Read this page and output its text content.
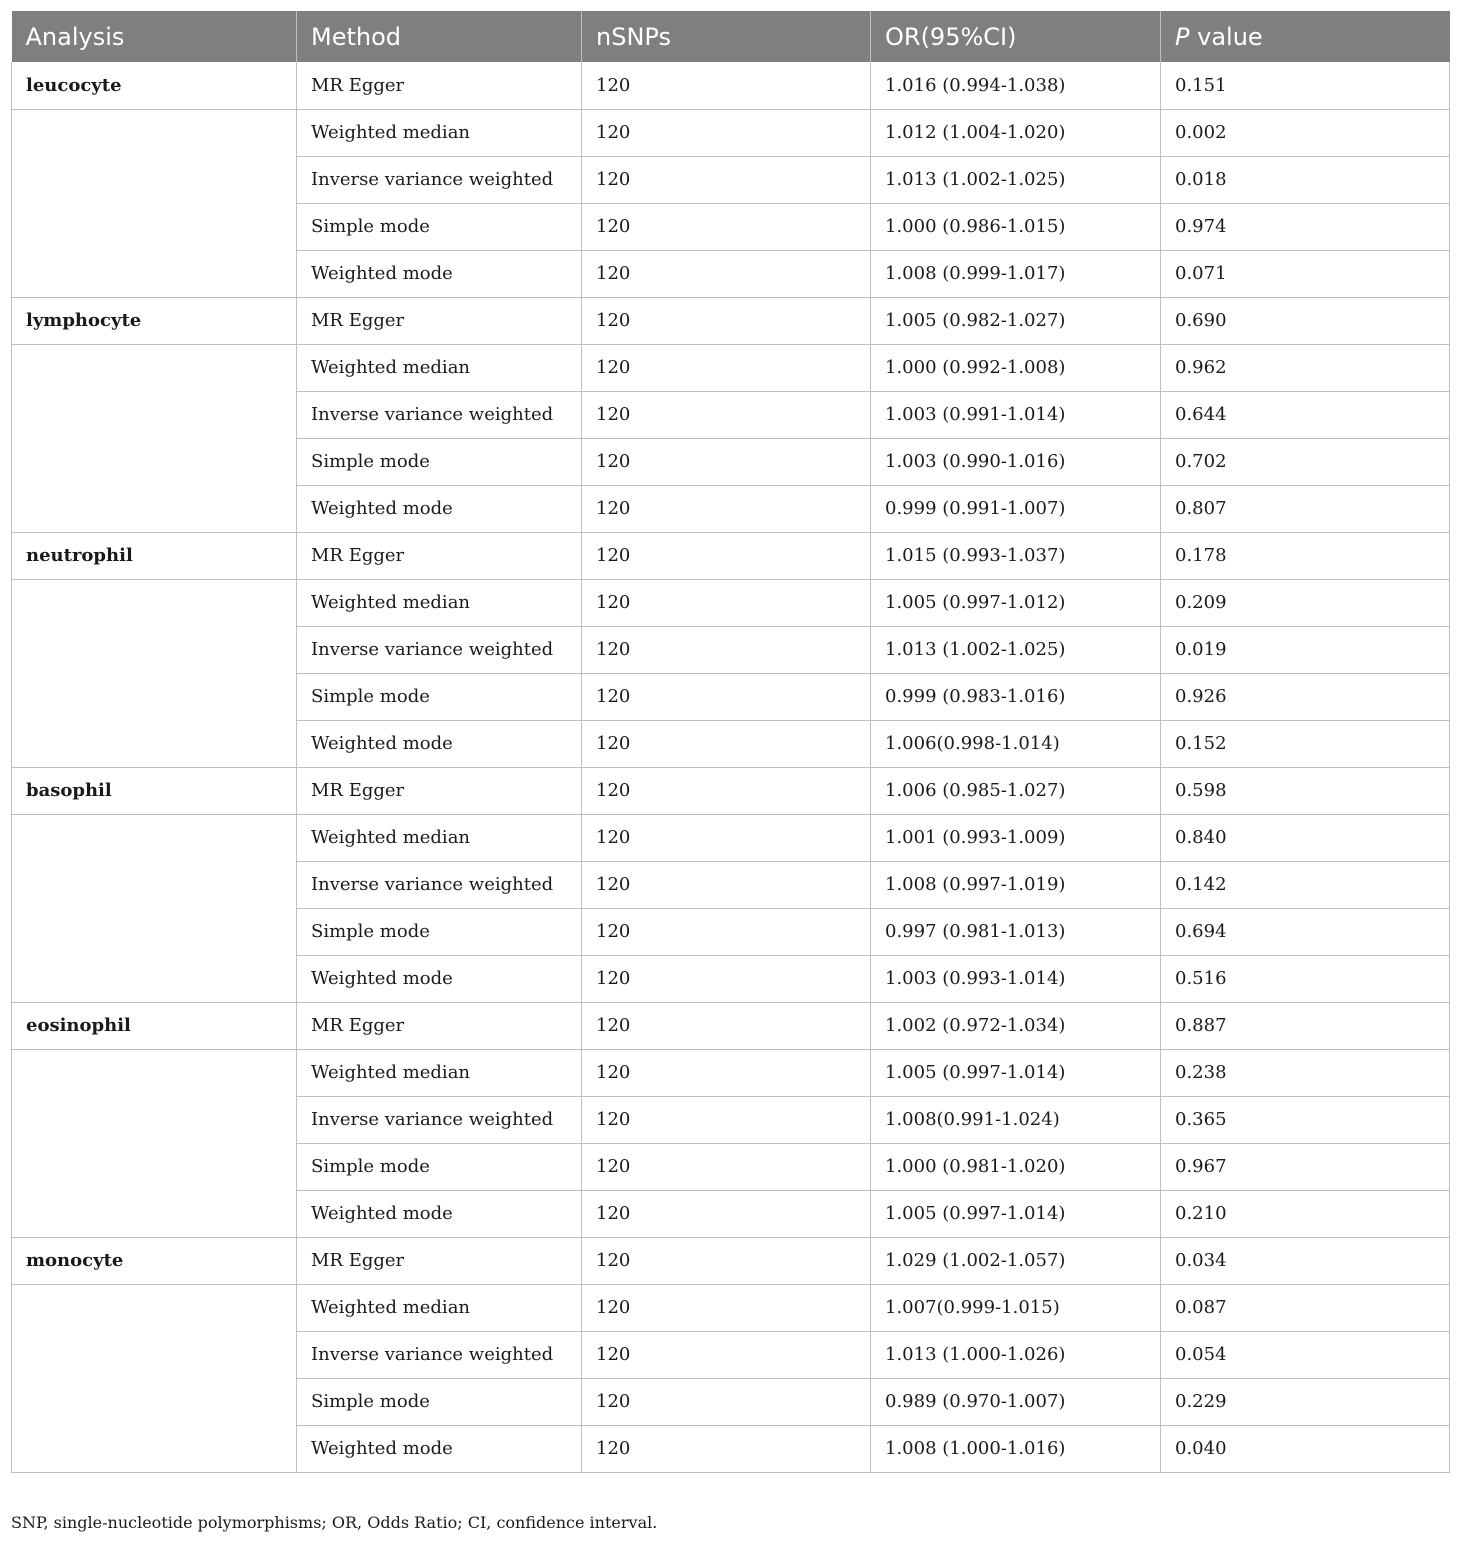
Analysis	Method	nSNPs	OR(95%CI)	P value
leucocyte	MR Egger	120	1.016 (0.994-1.038)	0.151
	Weighted median	120	1.012 (1.004-1.020)	0.002
	Inverse variance weighted	120	1.013 (1.002-1.025)	0.018
	Simple mode	120	1.000 (0.986-1.015)	0.974
	Weighted mode	120	1.008 (0.999-1.017)	0.071
lymphocyte	MR Egger	120	1.005 (0.982-1.027)	0.690
	Weighted median	120	1.000 (0.992-1.008)	0.962
	Inverse variance weighted	120	1.003 (0.991-1.014)	0.644
	Simple mode	120	1.003 (0.990-1.016)	0.702
	Weighted mode	120	0.999 (0.991-1.007)	0.807
neutrophil	MR Egger	120	1.015 (0.993-1.037)	0.178
	Weighted median	120	1.005 (0.997-1.012)	0.209
	Inverse variance weighted	120	1.013 (1.002-1.025)	0.019
	Simple mode	120	0.999 (0.983-1.016)	0.926
	Weighted mode	120	1.006(0.998-1.014)	0.152
basophil	MR Egger	120	1.006 (0.985-1.027)	0.598
	Weighted median	120	1.001 (0.993-1.009)	0.840
	Inverse variance weighted	120	1.008 (0.997-1.019)	0.142
	Simple mode	120	0.997 (0.981-1.013)	0.694
	Weighted mode	120	1.003 (0.993-1.014)	0.516
eosinophil	MR Egger	120	1.002 (0.972-1.034)	0.887
	Weighted median	120	1.005 (0.997-1.014)	0.238
	Inverse variance weighted	120	1.008(0.991-1.024)	0.365
	Simple mode	120	1.000 (0.981-1.020)	0.967
	Weighted mode	120	1.005 (0.997-1.014)	0.210
monocyte	MR Egger	120	1.029 (1.002-1.057)	0.034
	Weighted median	120	1.007(0.999-1.015)	0.087
	Inverse variance weighted	120	1.013 (1.000-1.026)	0.054
	Simple mode	120	0.989 (0.970-1.007)	0.229
	Weighted mode	120	1.008 (1.000-1.016)	0.040
SNP, single-nucleotide polymorphisms; OR, Odds Ratio; CI, confidence interval.
